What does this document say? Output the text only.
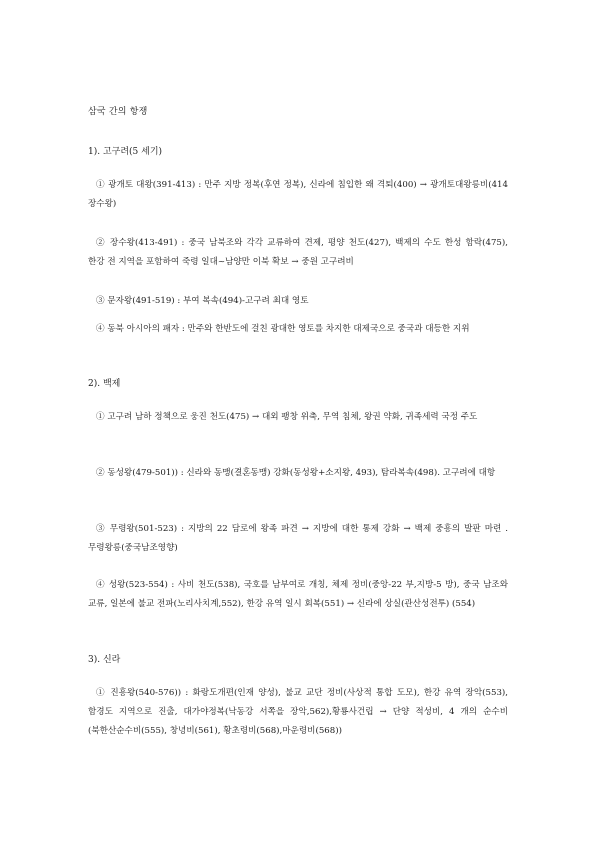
삼국 간의 항쟁
1). 고구려(5 세기)
① 광개토 대왕(391-413) : 만주 지방 정복(후연 정복), 신라에 침입한 왜 격퇴(400) → 광개토대왕릉비(414 장수왕)
② 장수왕(413-491) : 중국 남북조와 각각 교류하여 견제, 평양 천도(427), 백제의 수도 한성 함락(475), 한강 전 지역을 포함하여 죽령 일대~남양만 이북 확보 → 중원 고구려비
③ 문자왕(491-519) : 부여 복속(494)-고구려 최대 영토
④ 동북 아시아의 패자 : 만주와 한반도에 걸친 광대한 영토를 차지한 대제국으로 중국과 대등한 지위
2). 백제
① 고구려 남하 정책으로 웅진 천도(475) → 대외 팽창 위축, 무역 침체, 왕권 약화, 귀족세력 국정 주도
② 동성왕(479-501)) : 신라와 동맹(결혼동맹) 강화(동성왕+소지왕, 493), 탐라복속(498). 고구려에 대항
③ 무령왕(501-523) : 지방의 22 담로에 왕족 파견 → 지방에 대한 통제 강화 → 백제 중흥의 발판 마련 . 무령왕릉(중국남조영향)
④ 성왕(523-554) : 사비 천도(538), 국호를 남부여로 개칭, 체제 정비(중앙-22 부,지방-5 방), 중국 남조와 교류, 일본에 불교 전파(노리사치계,552), 한강 유역 일시 회복(551) → 신라에 상실(관산성전투) (554)
3). 신라
① 진흥왕(540-576)) : 화랑도개편(인재 양성), 불교 교단 정비(사상적 통합 도모), 한강 유역 장악(553), 함경도 지역으로 진출, 대가야정복(낙동강 서쪽을 장악,562),황룡사건립 → 단양 적성비, 4 개의 순수비(북한산순수비(555), 창녕비(561), 황초령비(568),마운령비(568))
